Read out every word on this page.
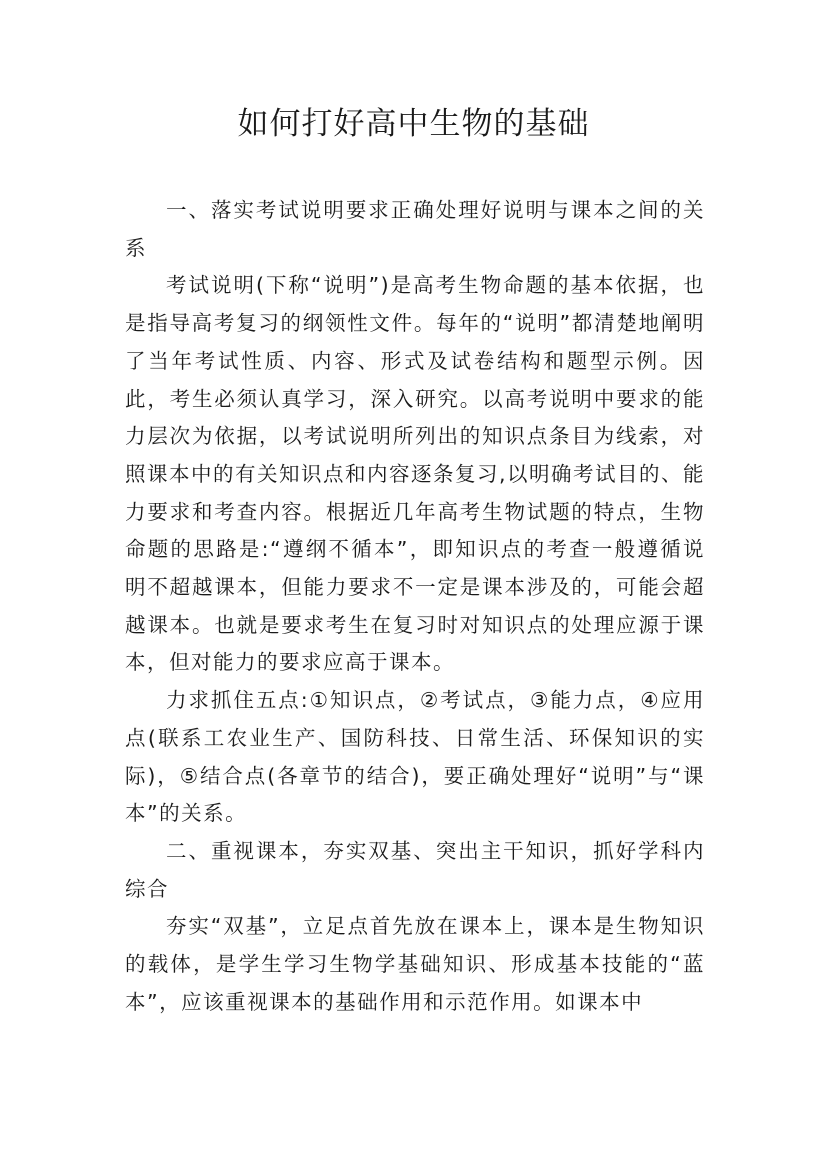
如何打好高中生物的基础

一、落实考试说明要求正确处理好说明与课本之间的关系

考试说明(下称“说明”)是高考生物命题的基本依据，也是指导高考复习的纲领性文件。每年的“说明”都清楚地阐明了当年考试性质、内容、形式及试卷结构和题型示例。因此，考生必须认真学习，深入研究。以高考说明中要求的能力层次为依据，以考试说明所列出的知识点条目为线索，对照课本中的有关知识点和内容逐条复习,以明确考试目的、能力要求和考查内容。根据近几年高考生物试题的特点，生物命题的思路是:“遵纲不循本”，即知识点的考查一般遵循说明不超越课本，但能力要求不一定是课本涉及的，可能会超越课本。也就是要求考生在复习时对知识点的处理应源于课本，但对能力的要求应高于课本。

力求抓住五点:①知识点，②考试点，③能力点，④应用点(联系工农业生产、国防科技、日常生活、环保知识的实际)，⑤结合点(各章节的结合)，要正确处理好“说明”与“课本”的关系。

二、重视课本，夯实双基、突出主干知识，抓好学科内综合

夯实“双基”，立足点首先放在课本上，课本是生物知识的载体，是学生学习生物学基础知识、形成基本技能的“蓝本”，应该重视课本的基础作用和示范作用。如课本中
